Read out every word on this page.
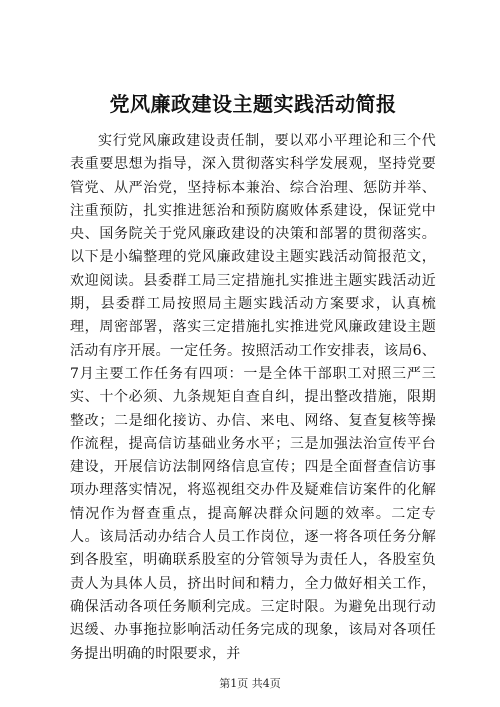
党风廉政建设主题实践活动简报

实行党风廉政建设责任制，要以邓小平理论和三个代表重要思想为指导，深入贯彻落实科学发展观，坚持党要管党、从严治党，坚持标本兼治、综合治理、惩防并举、注重预防，扎实推进惩治和预防腐败体系建设，保证党中央、国务院关于党风廉政建设的决策和部署的贯彻落实。以下是小编整理的党风廉政建设主题实践活动简报范文，欢迎阅读。县委群工局三定措施扎实推进主题实践活动近期，县委群工局按照局主题实践活动方案要求，认真梳理，周密部署，落实三定措施扎实推进党风廉政建设主题活动有序开展。一定任务。按照活动工作安排表，该局6、7月主要工作任务有四项：一是全体干部职工对照三严三实、十个必须、九条规矩自查自纠，提出整改措施，限期整改；二是细化接访、办信、来电、网络、复查复核等操作流程，提高信访基础业务水平；三是加强法治宣传平台建设，开展信访法制网络信息宣传；四是全面督查信访事项办理落实情况，将巡视组交办件及疑难信访案件的化解情况作为督查重点，提高解决群众问题的效率。二定专人。该局活动办结合人员工作岗位，逐一将各项任务分解到各股室，明确联系股室的分管领导为责任人，各股室负责人为具体人员，挤出时间和精力，全力做好相关工作，确保活动各项任务顺利完成。三定时限。为避免出现行动迟缓、办事拖拉影响活动任务完成的现象，该局对各项任务提出明确的时限要求，并

第1页 共4页
